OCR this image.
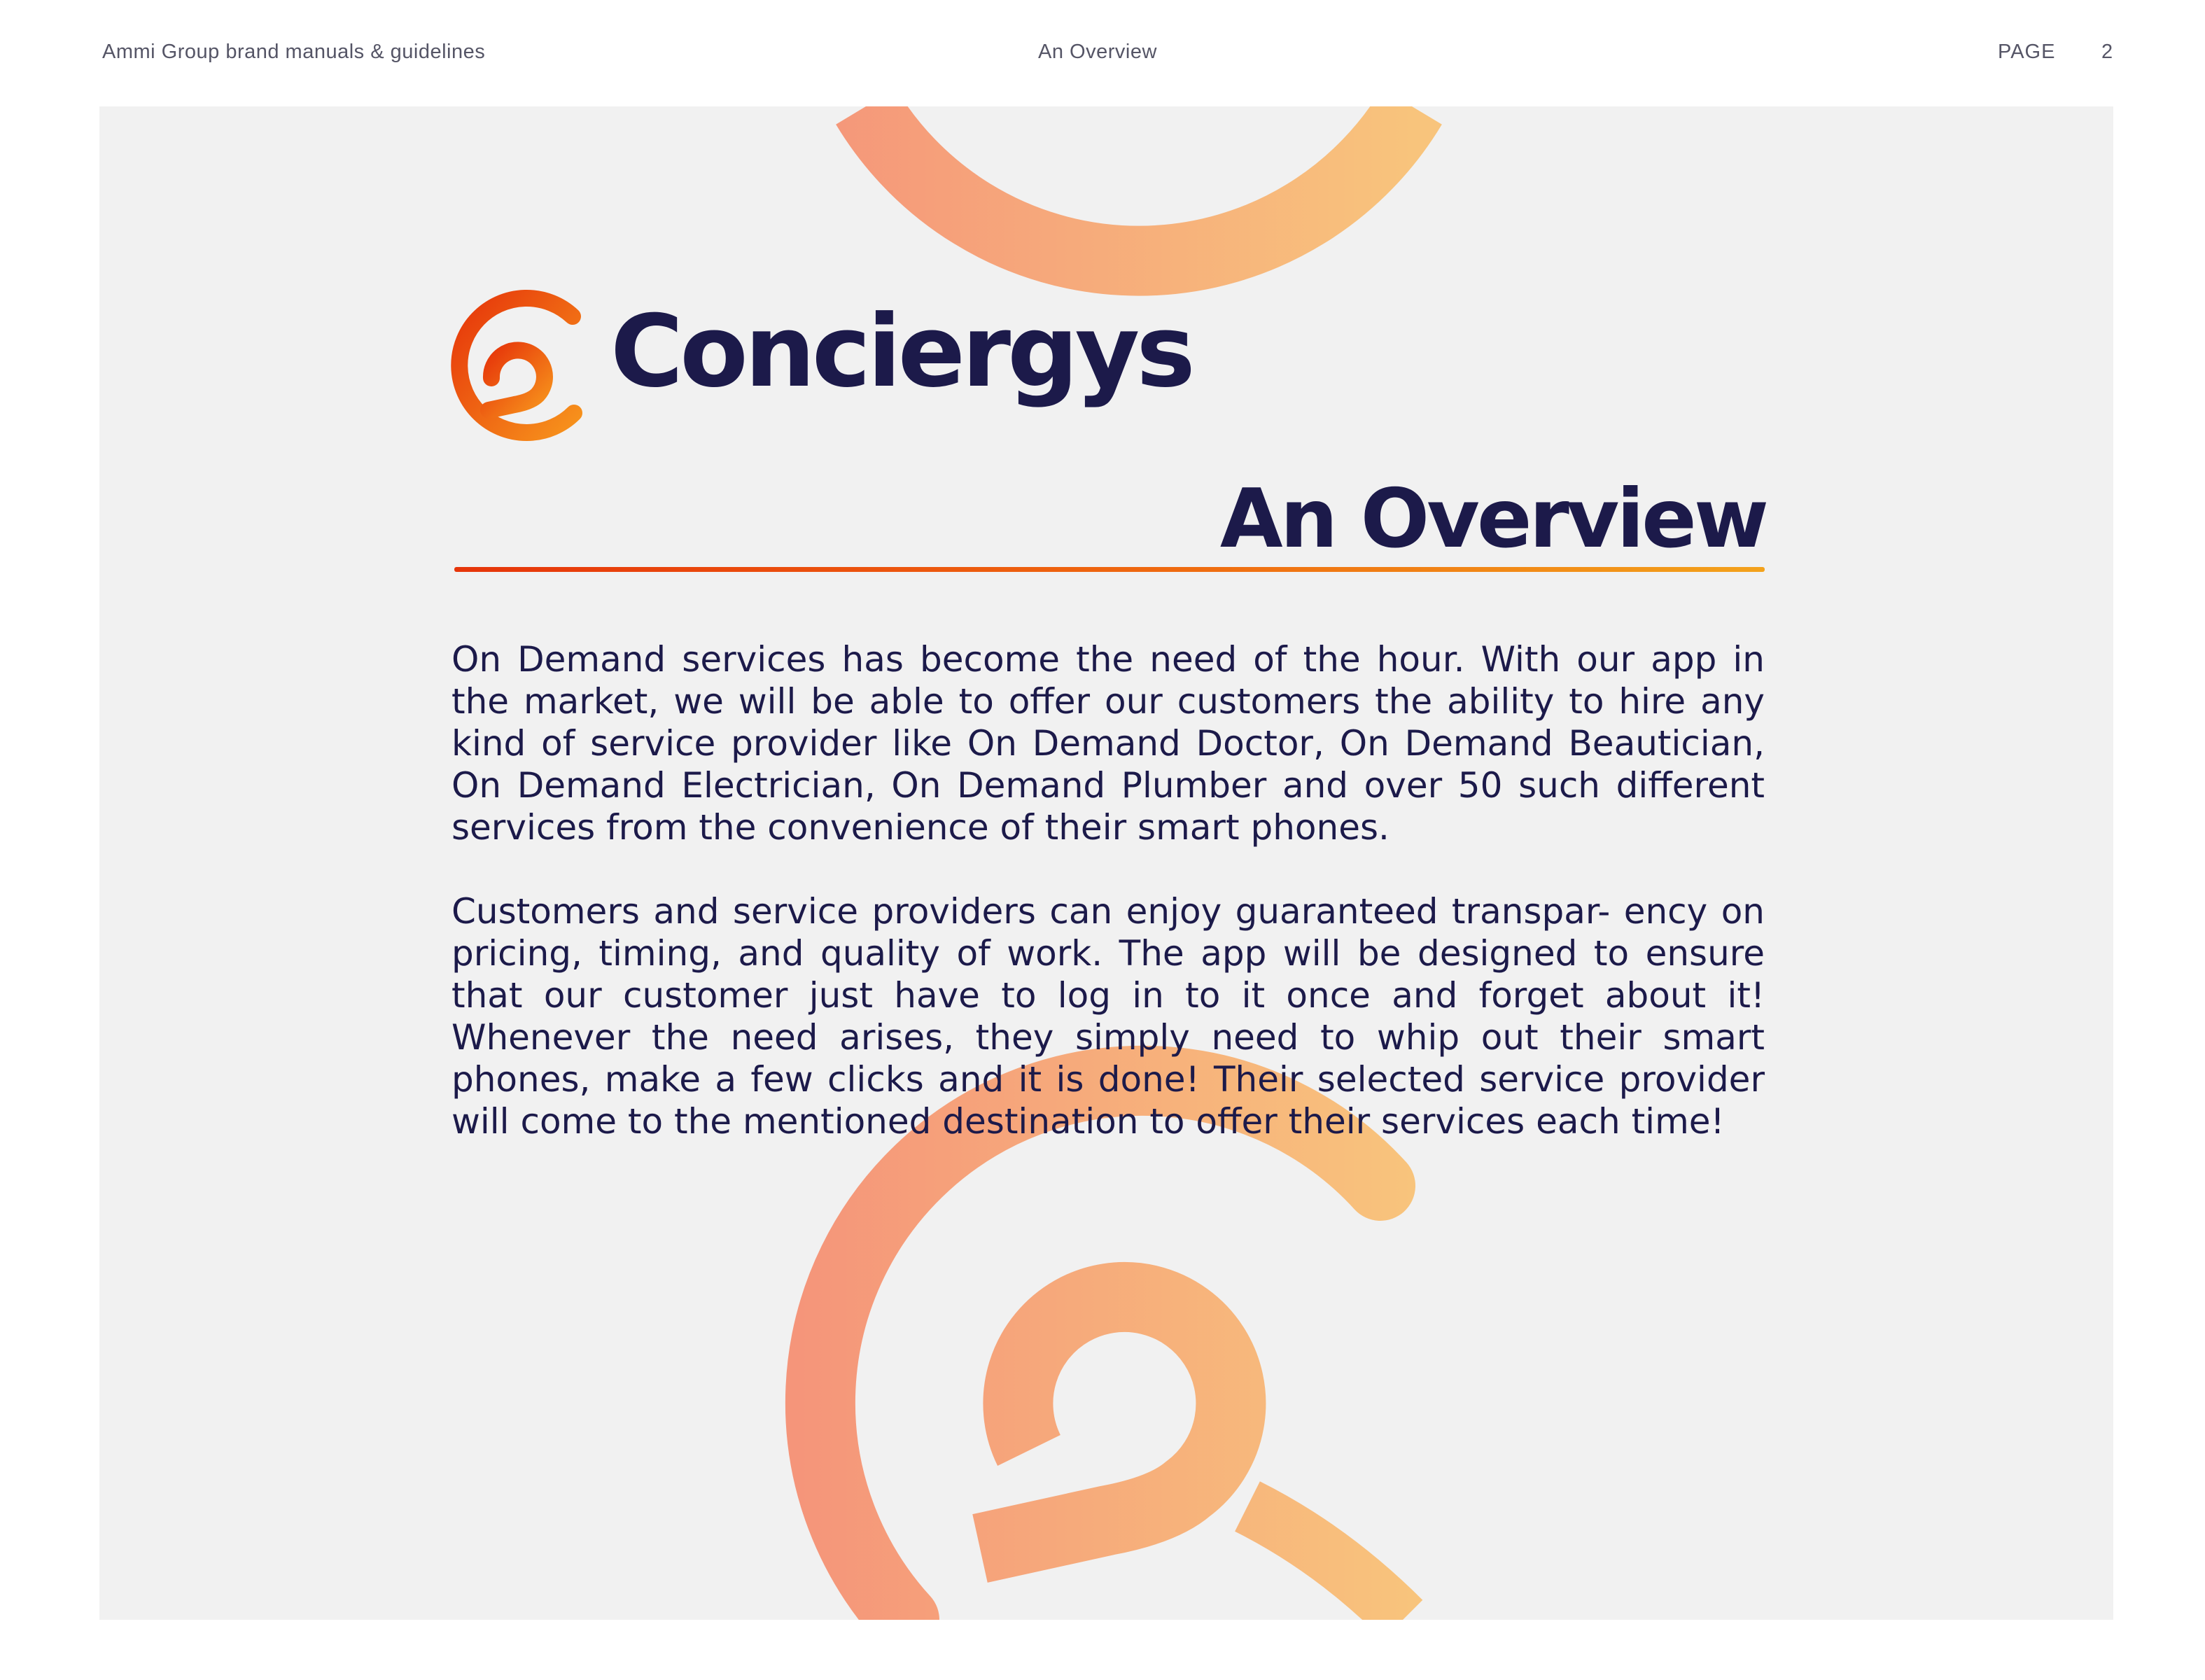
Ammi Group brand manuals & guidelines	An Overview	PAGE 2
Conciergys
An Overview

On Demand services has become the need of the hour. With our app in the market, we will be able to offer our customers the ability to hire any kind of service provider like On Demand Doctor, On Demand Beautician, On Demand Electrician, On Demand Plumber and over 50 such different services from the convenience of their smart phones.

Customers and service providers can enjoy guaranteed transpar- ency on pricing, timing, and quality of work. The app will be designed to ensure that our customer just have to log in to it once and forget about it! Whenever the need arises, they simply need to whip out their smart phones, make a few clicks and it is done! Their selected service provider will come to the mentioned destination to offer their services each time!
